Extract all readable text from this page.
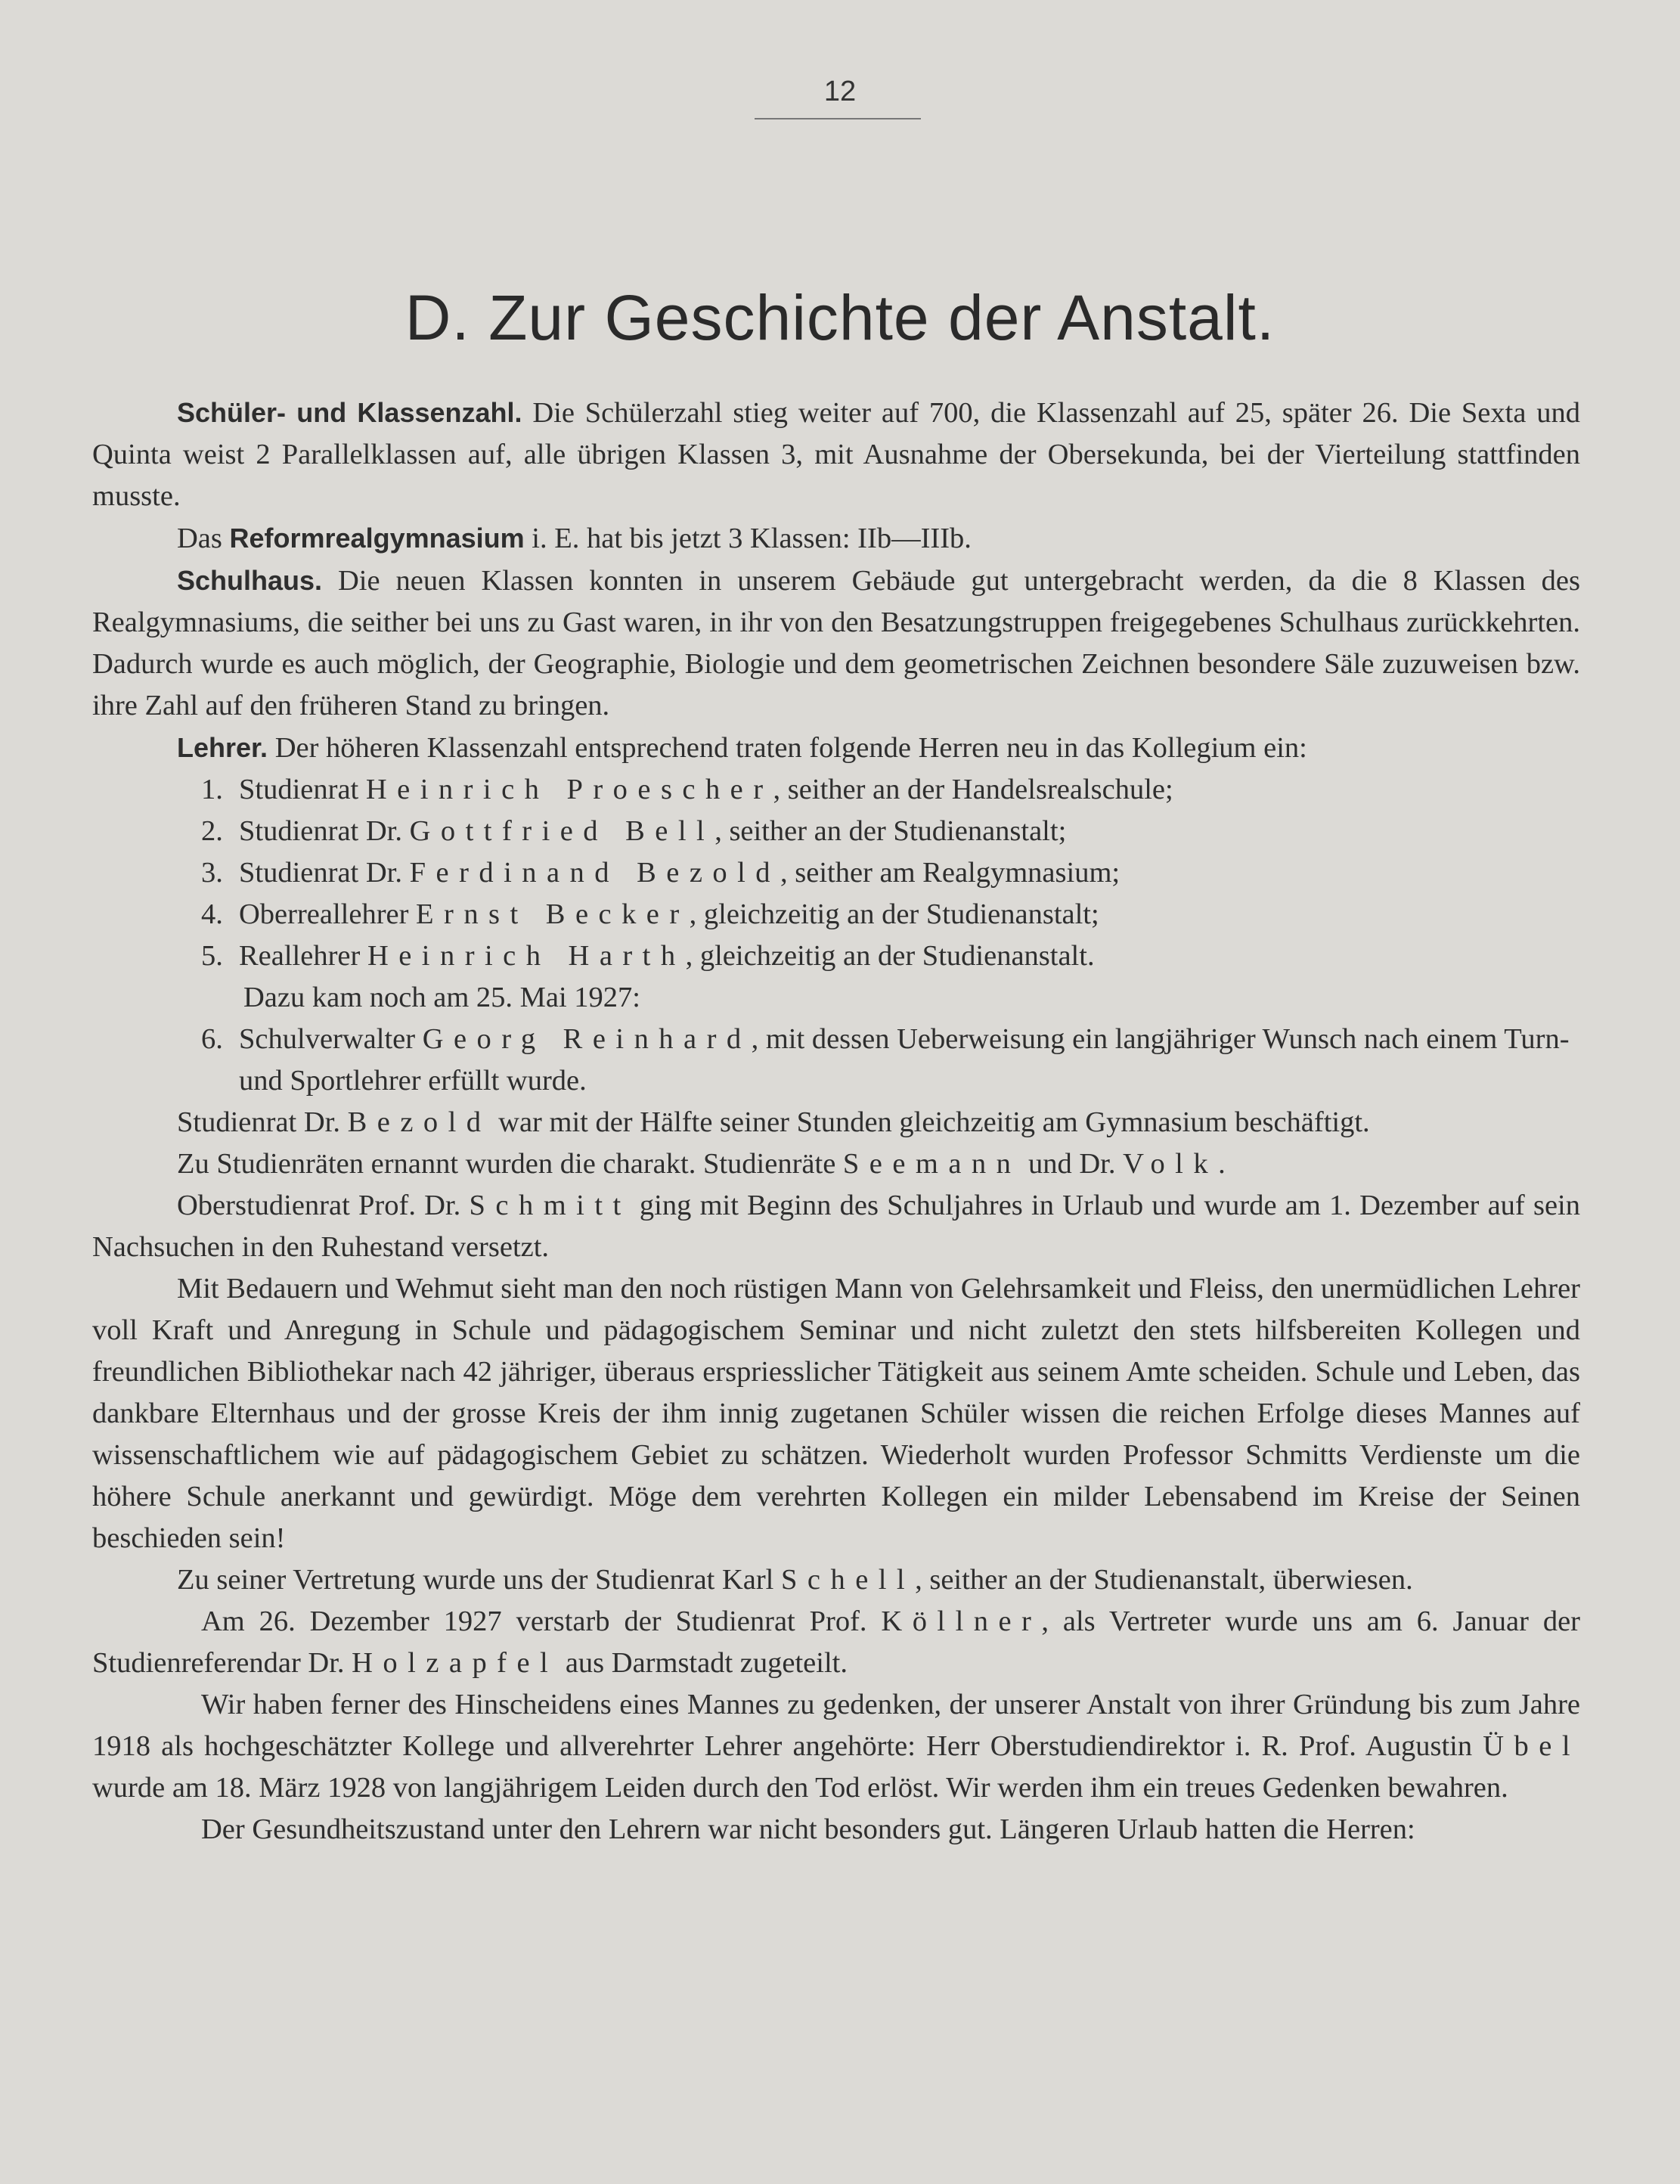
12
D. Zur Geschichte der Anstalt.

Schüler- und Klassenzahl. Die Schülerzahl stieg weiter auf 700, die Klassenzahl auf 25, später 26. Die Sexta und Quinta weist 2 Parallelklassen auf, alle übrigen Klassen 3, mit Ausnahme der Obersekunda, bei der Vierteilung stattfinden musste.

Das Reformrealgymnasium i. E. hat bis jetzt 3 Klassen: IIb—IIIb.

Schulhaus. Die neuen Klassen konnten in unserem Gebäude gut untergebracht werden, da die 8 Klassen des Realgymnasiums, die seither bei uns zu Gast waren, in ihr von den Besatzungstruppen freigegebenes Schulhaus zurückkehrten. Dadurch wurde es auch möglich, der Geographie, Biologie und dem geometrischen Zeichnen besondere Säle zuzuweisen bzw. ihre Zahl auf den früheren Stand zu bringen.

Lehrer. Der höheren Klassenzahl entsprechend traten folgende Herren neu in das Kollegium ein:

1. Studienrat Heinrich Proescher, seither an der Handelsrealschule;
2. Studienrat Dr. Gottfried Bell, seither an der Studienanstalt;
3. Studienrat Dr. Ferdinand Bezold, seither am Realgymnasium;
4. Oberreallehrer Ernst Becker, gleichzeitig an der Studienanstalt;
5. Reallehrer Heinrich Harth, gleichzeitig an der Studienanstalt.
Dazu kam noch am 25. Mai 1927:
6. Schulverwalter Georg Reinhard, mit dessen Ueberweisung ein langjähriger Wunsch nach einem Turn- und Sportlehrer erfüllt wurde.

Studienrat Dr. Bezold war mit der Hälfte seiner Stunden gleichzeitig am Gymnasium beschäftigt.

Zu Studienräten ernannt wurden die charakt. Studienräte Seemann und Dr. Volk.

Oberstudienrat Prof. Dr. Schmitt ging mit Beginn des Schuljahres in Urlaub und wurde am 1. Dezember auf sein Nachsuchen in den Ruhestand versetzt.

Mit Bedauern und Wehmut sieht man den noch rüstigen Mann von Gelehrsamkeit und Fleiss, den unermüdlichen Lehrer voll Kraft und Anregung in Schule und pädagogischem Seminar und nicht zuletzt den stets hilfsbereiten Kollegen und freundlichen Bibliothekar nach 42 jähriger, überaus erspriesslicher Tätigkeit aus seinem Amte scheiden. Schule und Leben, das dankbare Elternhaus und der grosse Kreis der ihm innig zugetanen Schüler wissen die reichen Erfolge dieses Mannes auf wissenschaftlichem wie auf pädagogischem Gebiet zu schätzen. Wiederholt wurden Professor Schmitts Verdienste um die höhere Schule anerkannt und gewürdigt. Möge dem verehrten Kollegen ein milder Lebensabend im Kreise der Seinen beschieden sein!

Zu seiner Vertretung wurde uns der Studienrat Karl Schell, seither an der Studienanstalt, überwiesen.

Am 26. Dezember 1927 verstarb der Studienrat Prof. Köllner, als Vertreter wurde uns am 6. Januar der Studienreferendar Dr. Holzapfel aus Darmstadt zugeteilt.

Wir haben ferner des Hinscheidens eines Mannes zu gedenken, der unserer Anstalt von ihrer Gründung bis zum Jahre 1918 als hochgeschätzter Kollege und allverehrter Lehrer angehörte: Herr Oberstudiendirektor i. R. Prof. Augustin Übel wurde am 18. März 1928 von langjährigem Leiden durch den Tod erlöst. Wir werden ihm ein treues Gedenken bewahren.

Der Gesundheitszustand unter den Lehrern war nicht besonders gut. Längeren Urlaub hatten die Herren:
